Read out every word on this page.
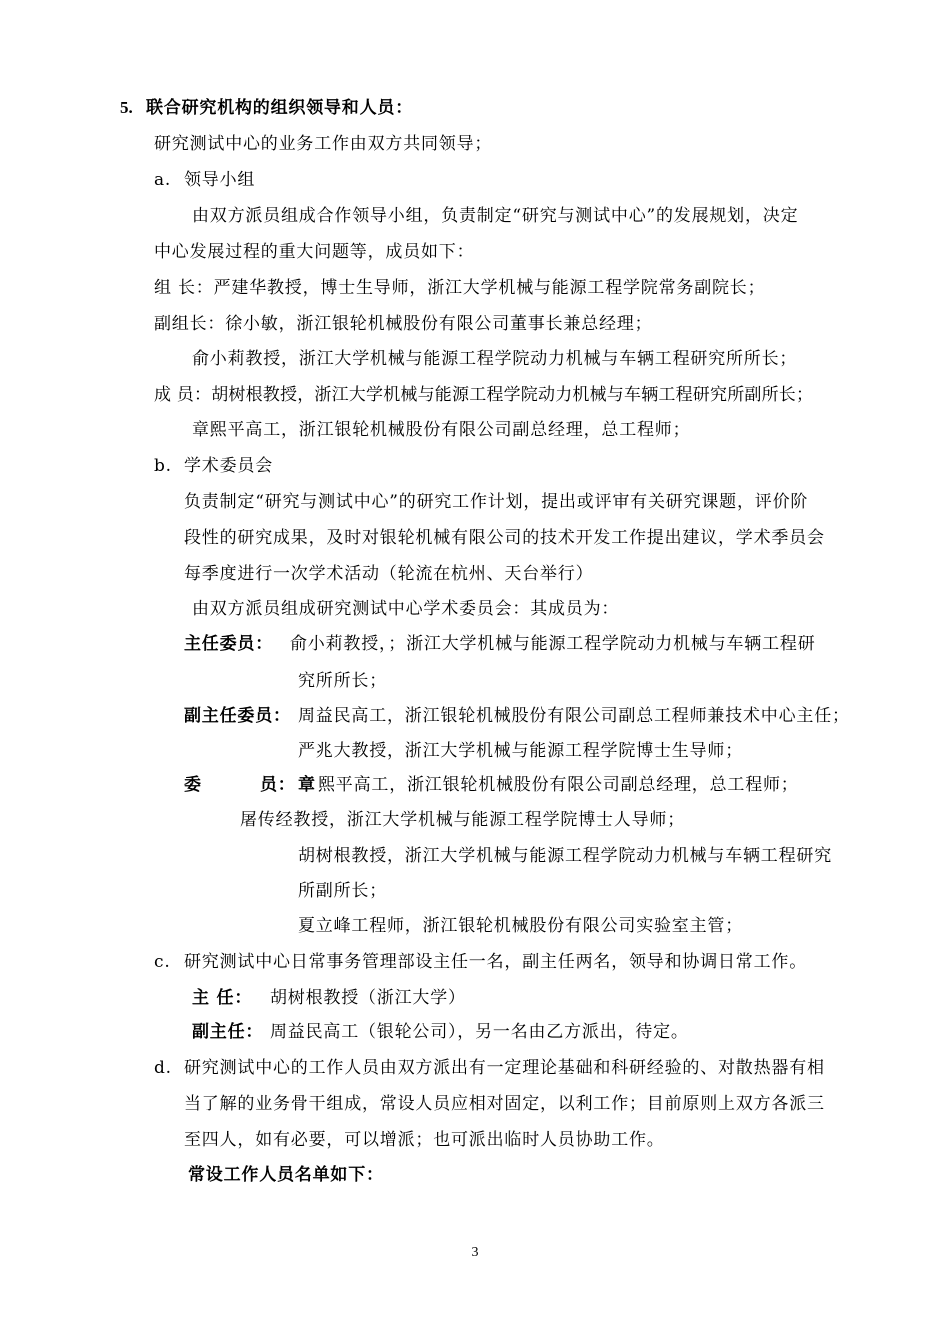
5. 联合研究机构的组织领导和人员：
研究测试中心的业务工作由双方共同领导；
a. 领导小组
由双方派员组成合作领导小组，负责制定“研究与测试中心”的发展规划，决定
中心发展过程的重大问题等，成员如下：
组 长：严建华教授，博士生导师，浙江大学机械与能源工程学院常务副院长；
副组长：徐小敏，浙江银轮机械股份有限公司董事长兼总经理；
俞小莉教授，浙江大学机械与能源工程学院动力机械与车辆工程研究所所长；
成 员：胡树根教授，浙江大学机械与能源工程学院动力机械与车辆工程研究所副所长；
章熙平高工，浙江银轮机械股份有限公司副总经理，总工程师；
b. 学术委员会
负责制定“研究与测试中心”的研究工作计划，提出或评审有关研究课题，评价阶
段性的研究成果，及时对银轮机械有限公司的技术开发工作提出建议，学术季员会
每季度进行一次学术活动（轮流在杭州、天台举行）
由双方派员组成研究测试中心学术委员会：其成员为：
主任委员： 俞小莉教授，；浙江大学机械与能源工程学院动力机械与车辆工程研
究所所长；
副主任委员： 周益民高工，浙江银轮机械股份有限公司副总工程师兼技术中心主任；
严兆大教授，浙江大学机械与能源工程学院博士生导师；
委	员： 章 熙平高工，浙江银轮机械股份有限公司副总经理，总工程师；
屠传经教授，浙江大学机械与能源工程学院博士人导师；
胡树根教授，浙江大学机械与能源工程学院动力机械与车辆工程研究
所副所长；
夏立峰工程师，浙江银轮机械股份有限公司实验室主管；
c. 研究测试中心日常事务管理部设主任一名，副主任两名，领导和协调日常工作。
主 任： 胡树根教授（浙江大学）
副主任： 周益民高工（银轮公司），另一名由乙方派出，待定。
d. 研究测试中心的工作人员由双方派出有一定理论基础和科研经验的、对散热器有相
当了解的业务骨干组成，常设人员应相对固定，以利工作；目前原则上双方各派三
至四人，如有必要，可以增派；也可派出临时人员协助工作。
常设工作人员名单如下：
3
